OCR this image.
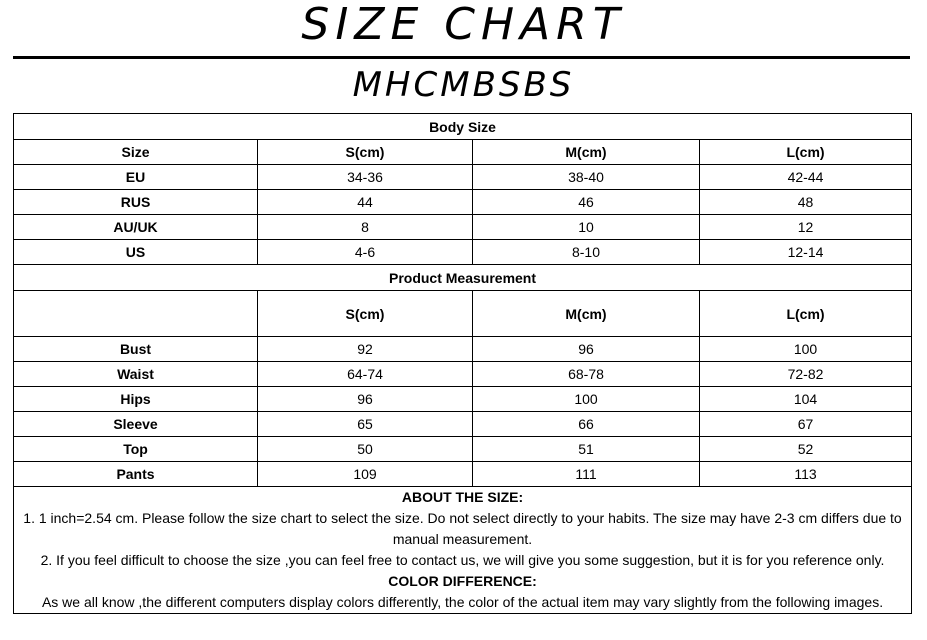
SIZE CHART
MHCMBSBS
Body Size			
Size	S(cm)	M(cm)	L(cm)
EU	34-36	38-40	42-44
RUS	44	46	48
AU/UK	8	10	12
US	4-6	8-10	12-14
Product Measurement			
	S(cm)	M(cm)	L(cm)
Bust	92	96	100
Waist	64-74	68-78	72-82
Hips	96	100	104
Sleeve	65	66	67
Top	50	51	52
Pants	109	111	113

ABOUT THE SIZE:
1. 1 inch=2.54 cm. Please follow the size chart to select the size. Do not select directly to your habits. The size may have 2-3 cm differs due to manual measurement.
2. If you feel difficult to choose the size ,you can feel free to contact us, we will give you some suggestion, but it is for you reference only.
COLOR DIFFERENCE:
As we all know ,the different computers display colors differently, the color of the actual item may vary slightly from the following images.			
